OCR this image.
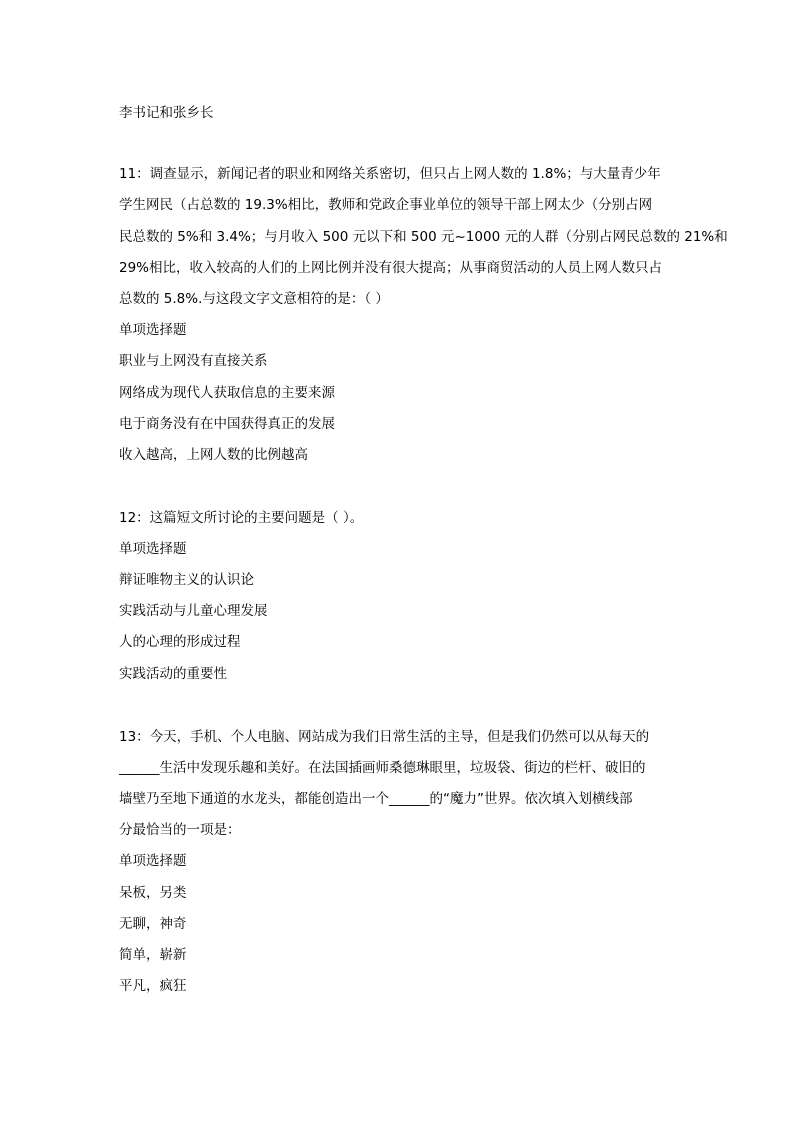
李书记和张乡长
11：调查显示，新闻记者的职业和网络关系密切，但只占上网人数的 1.8%；与大量青少年
学生网民（占总数的 19.3%相比，教师和党政企事业单位的领导干部上网太少（分别占网
民总数的 5%和 3.4%；与月收入 500 元以下和 500 元~1000 元的人群（分别占网民总数的 21%和
29%相比，收入较高的人们的上网比例并没有很大提高；从事商贸活动的人员上网人数只占
总数的 5.8%.与这段文字文意相符的是：（ ）
单项选择题
职业与上网没有直接关系
网络成为现代人获取信息的主要来源
电于商务没有在中国获得真正的发展
收入越高，上网人数的比例越高
12：这篇短文所讨论的主要问题是（ ）。
单项选择题
辩证唯物主义的认识论
实践活动与儿童心理发展
人的心理的形成过程
实践活动的重要性
13：今天，手机、个人电脑、网站成为我们日常生活的主导，但是我们仍然可以从每天的
______生活中发现乐趣和美好。在法国插画师桑德琳眼里，垃圾袋、街边的栏杆、破旧的
墙壁乃至地下通道的水龙头，都能创造出一个______的“魔力”世界。依次填入划横线部
分最恰当的一项是：
单项选择题
呆板，另类
无聊，神奇
简单，崭新
平凡，疯狂
